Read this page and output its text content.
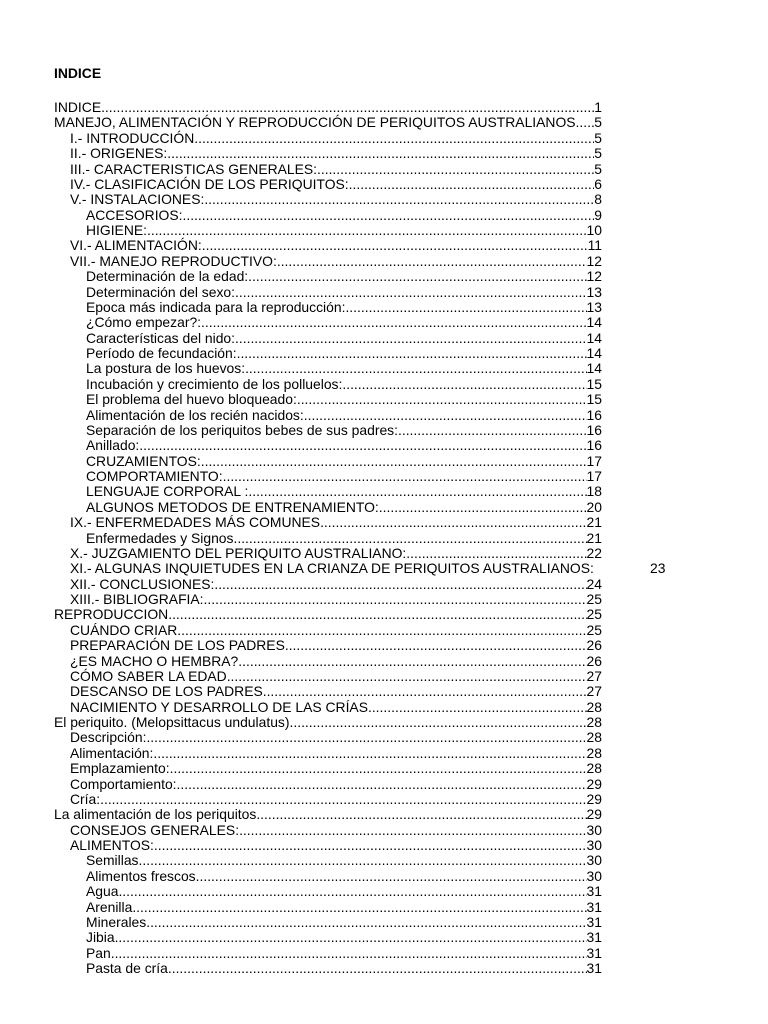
INDICE
INDICE .....	1
MANEJO, ALIMENTACIÓN Y REPRODUCCIÓN DE PERIQUITOS AUSTRALIANOS ..... 5
I.- INTRODUCCIÓN .....	5
II.- ORIGENES: .....	5
III.- CARACTERISTICAS GENERALES: .....	5
IV.- CLASIFICACIÓN DE LOS PERIQUITOS: .....	6
V.- INSTALACIONES: .....	8
ACCESORIOS: .....	9
HIGIENE: .....	10
VI.- ALIMENTACIÓN: .....	11
VII.- MANEJO REPRODUCTIVO: .....	12
Determinación de la edad: .....	12
Determinación del sexo: .....	13
Epoca más indicada para la reproducción: .....	13
¿Cómo empezar?: .....	14
Características del nido: .....	14
Período de fecundación: .....	14
La postura de los huevos: .....	14
Incubación y crecimiento de los polluelos: .....	15
El problema del huevo bloqueado: .....	15
Alimentación de los recién nacidos: .....	16
Separación de los periquitos bebes de sus padres: .....	16
Anillado: .....	16
CRUZAMIENTOS: .....	17
COMPORTAMIENTO: .....	17
LENGUAJE CORPORAL : .....	18
ALGUNOS METODOS DE ENTRENAMIENTO: .....	20
IX.- ENFERMEDADES MÁS COMUNES .....	21
Enfermedades y Signos .....	21
X.- JUZGAMIENTO DEL PERIQUITO AUSTRALIANO: .....	22
XI.- ALGUNAS INQUIETUDES EN LA CRIANZA DE PERIQUITOS AUSTRALIANOS:	23
XII.- CONCLUSIONES: .....	24
XIII.- BIBLIOGRAFIA: .....	25
REPRODUCCION .....	25
CUÁNDO CRIAR .....	25
PREPARACIÓN DE LOS PADRES .....	26
¿ES MACHO O HEMBRA? .....	26
CÓMO SABER LA EDAD .....	27
DESCANSO DE LOS PADRES .....	27
NACIMIENTO Y DESARROLLO DE LAS CRÍAS .....	28
El periquito. (Melopsittacus undulatus) .....	28
Descripción: .....	28
Alimentación: .....	28
Emplazamiento: .....	28
Comportamiento: .....	29
Cría: .....	29
La alimentación de los periquitos .....	29
CONSEJOS GENERALES: .....	30
ALIMENTOS: .....	30
Semillas .....	30
Alimentos frescos .....	30
Agua .....	31
Arenilla .....	31
Minerales .....	31
Jibia .....	31
Pan .....	31
Pasta de cría .....	31
